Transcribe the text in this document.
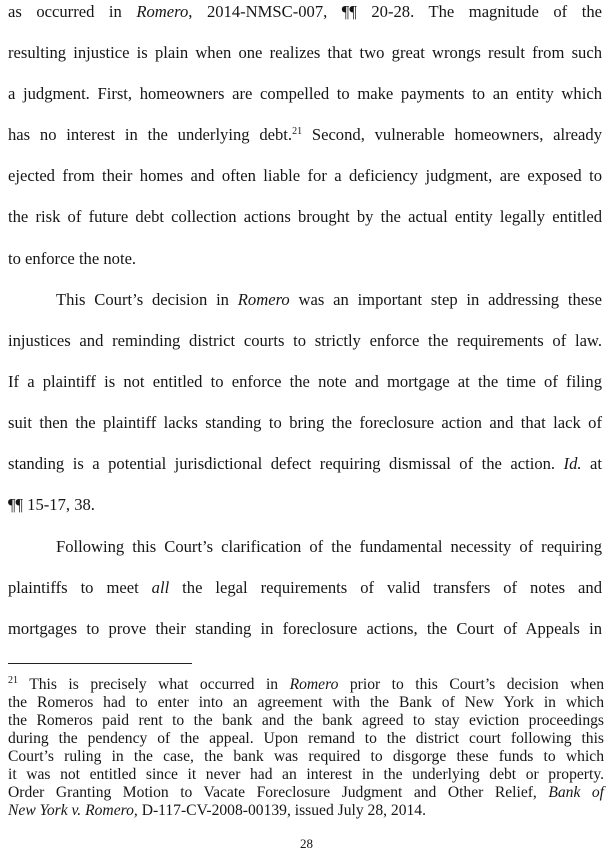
as occurred in Romero, 2014-NMSC-007, ¶¶ 20-28. The magnitude of the
resulting injustice is plain when one realizes that two great wrongs result from such
a judgment. First, homeowners are compelled to make payments to an entity which
has no interest in the underlying debt.$^{21}$ Second, vulnerable homeowners, already
ejected from their homes and often liable for a deficiency judgment, are exposed to
the risk of future debt collection actions brought by the actual entity legally entitled
to enforce the note.
This Court’s decision in Romero was an important step in addressing these
injustices and reminding district courts to strictly enforce the requirements of law.
If a plaintiff is not entitled to enforce the note and mortgage at the time of filing
suit then the plaintiff lacks standing to bring the foreclosure action and that lack of
standing is a potential jurisdictional defect requiring dismissal of the action. Id. at
¶¶ 15-17, 38.
Following this Court’s clarification of the fundamental necessity of requiring
plaintiffs to meet all the legal requirements of valid transfers of notes and
mortgages to prove their standing in foreclosure actions, the Court of Appeals in
$^{21}$ This is precisely what occurred in Romero prior to this Court’s decision when
the Romeros had to enter into an agreement with the Bank of New York in which
the Romeros paid rent to the bank and the bank agreed to stay eviction proceedings
during the pendency of the appeal. Upon remand to the district court following this
Court’s ruling in the case, the bank was required to disgorge these funds to which
it was not entitled since it never had an interest in the underlying debt or property.
Order Granting Motion to Vacate Foreclosure Judgment and Other Relief, Bank of
New York v. Romero, D-117-CV-2008-00139, issued July 28, 2014.
28
